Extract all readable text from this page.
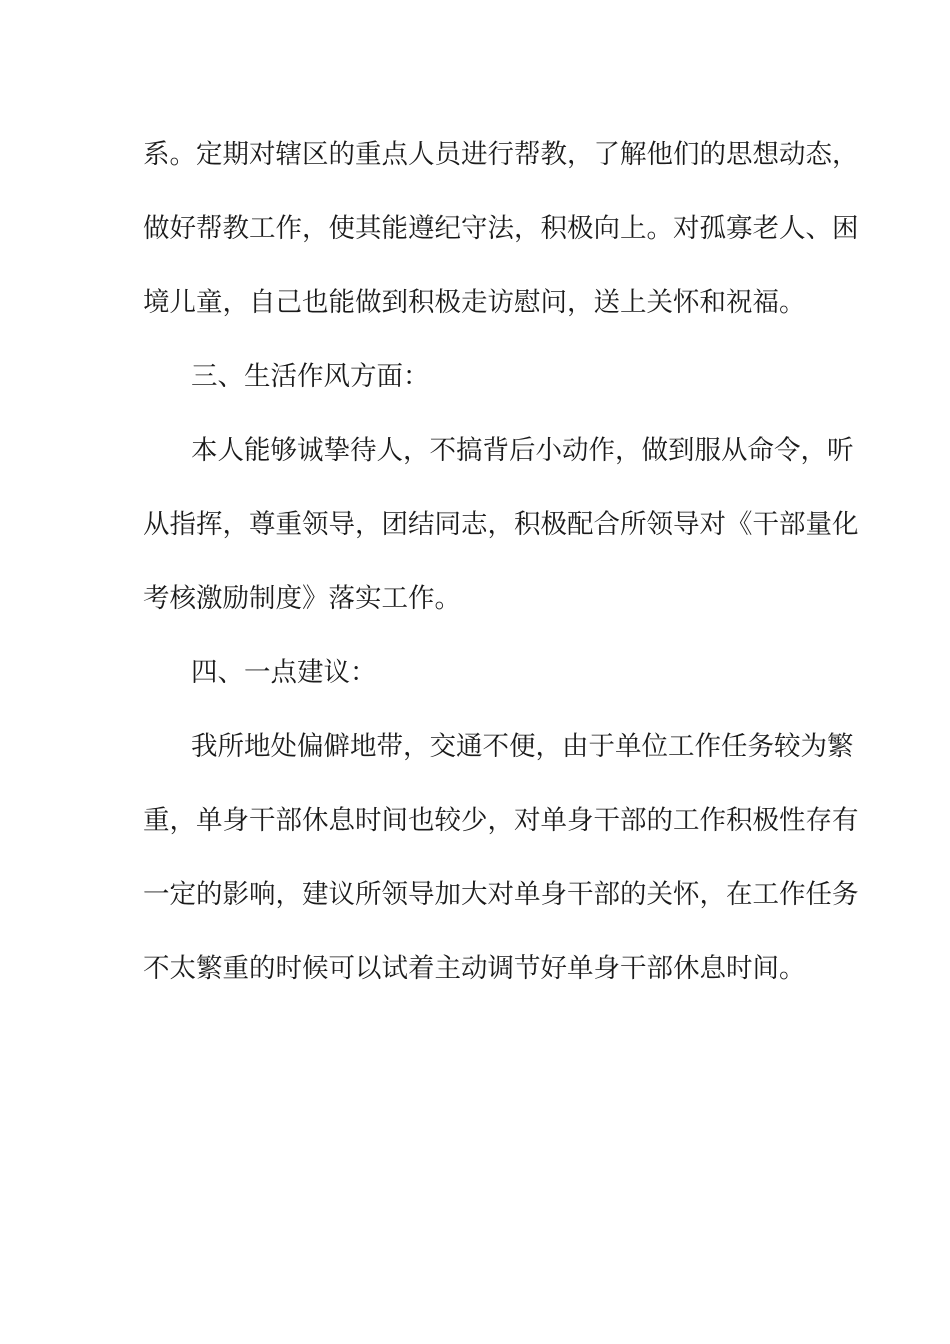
系。定期对辖区的重点人员进行帮教，了解他们的思想动态，
做好帮教工作，使其能遵纪守法，积极向上。对孤寡老人、困
境儿童，自己也能做到积极走访慰问，送上关怀和祝福。
三、生活作风方面：
本人能够诚挚待人，不搞背后小动作，做到服从命令，听
从指挥，尊重领导，团结同志，积极配合所领导对《干部量化
考核激励制度》落实工作。
四、一点建议：
我所地处偏僻地带，交通不便，由于单位工作任务较为繁
重，单身干部休息时间也较少，对单身干部的工作积极性存有
一定的影响，建议所领导加大对单身干部的关怀，在工作任务
不太繁重的时候可以试着主动调节好单身干部休息时间。
